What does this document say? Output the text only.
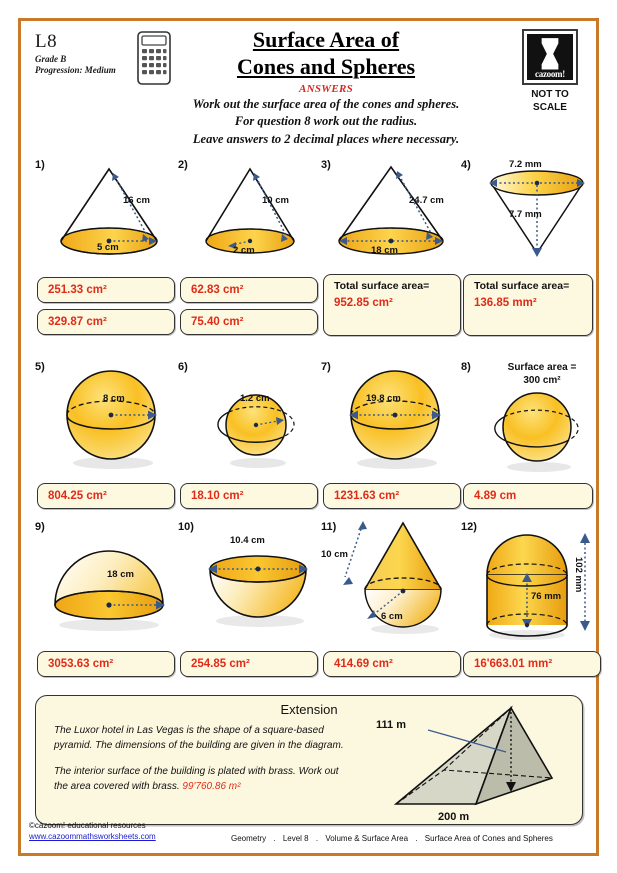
L8
Grade B
Progression: Medium
Surface Area of
Cones and Spheres
ANSWERS
Work out the surface area of the cones and spheres.
For question 8 work out the radius.
Leave answers to 2 decimal places where necessary.
cazoom!
NOT TO
SCALE
1)
16 cm
5 cm
251.33 cm²
329.87 cm²
2)
10 cm
2 cm
62.83 cm²
75.40 cm²
3)
24.7 cm
18 cm
Total surface area=
952.85 cm²
4)	7.2 mm
7.7 mm
Total surface area=
136.85 mm²
5)
8 cm
804.25 cm²
6)
1.2 cm
18.10 cm²
7)
19.8 cm
1231.63 cm²
8)	Surface area =
300 cm²
4.89 cm
9)
18 cm
3053.63 cm²
10)
10.4 cm
254.85 cm²
11)
10 cm
6 cm
414.69 cm²
12)
102 mm
76 mm
16'663.01 mm²
Extension
The Luxor hotel in Las Vegas is the shape of a square-based pyramid. The dimensions of the building are given in the diagram.
The interior surface of the building is plated with brass. Work out the area covered with brass. 99'760.86 m²
111 m
200 m
©cazoom! educational resources
www.cazoommathsworksheets.com	Geometry . Level 8 . Volume & Surface Area . Surface Area of Cones and Spheres
